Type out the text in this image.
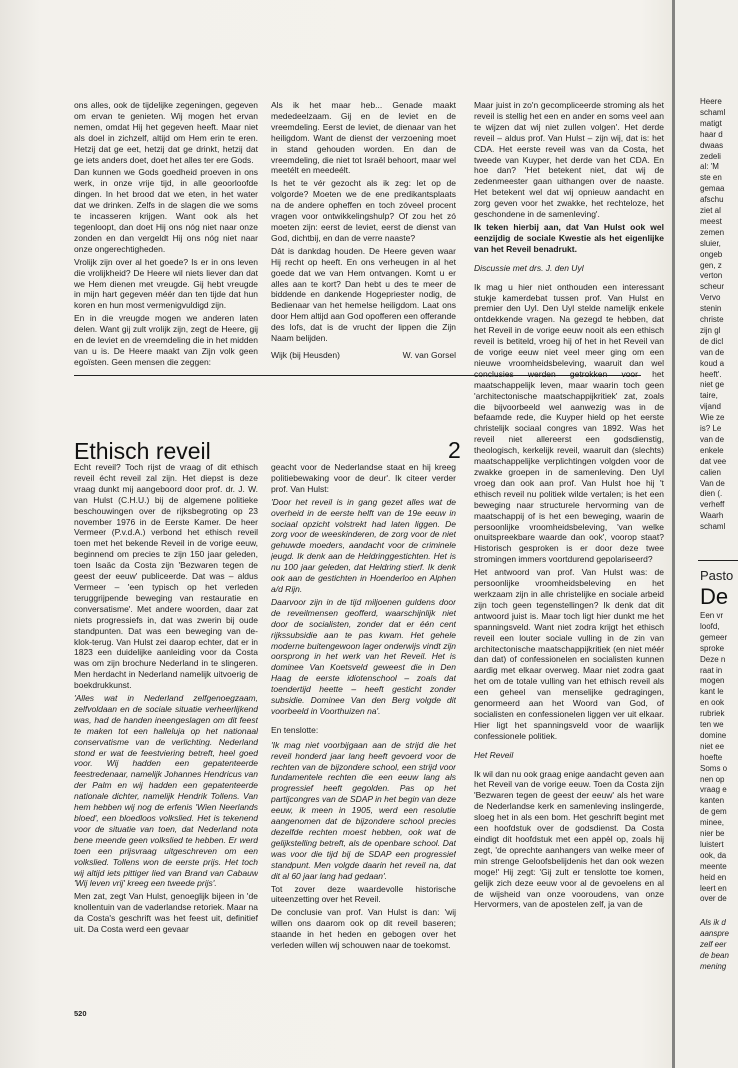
ons alles, ook de tijdelijke zegeningen, gegeven om ervan te genieten. Wij mogen het ervan nemen, omdat Hij het gegeven heeft. Maar niet als doel in zichzelf, altijd om Hem erin te eren. Hetzij dat ge eet, hetzij dat ge drinkt, hetzij dat ge iets anders doet, doet het alles ter ere Gods.

Dan kunnen we Gods goedheid proeven in ons werk, in onze vrije tijd, in alle geoorloofde dingen. In het brood dat we eten, in het water dat we drinken. Zelfs in de slagen die we soms te incasseren krijgen. Want ook als het tegenloopt, dan doet Hij ons nóg niet naar onze zonden en dan vergeldt Hij ons nóg niet naar onze ongerechtigheden.

Vrolijk zijn over al het goede? Is er in ons leven die vrolijkheid? De Heere wil niets liever dan dat we Hem dienen met vreugde. Gij hebt vreugde in mijn hart gegeven méér dan ten tijde dat hun koren en hun most vermenigvuldigd zijn.

En in die vreugde mogen we anderen laten delen. Want gij zult vrolijk zijn, zegt de Heere, gij en de leviet en de vreemdeling die in het midden van u is. De Heere maakt van Zijn volk geen egoïsten. Geen mensen die zeggen:

Als ik het maar heb... Genade maakt mededeelzaam. Gij en de leviet en de vreemdeling. Eerst de leviet, de dienaar van het heiligdom. Want de dienst der verzoening moet in stand gehouden worden. En dan de vreemdeling, die niet tot Israël behoort, maar wel meetélt en meedeélt.

Is het te vér gezocht als ik zeg: let op de volgorde? Moeten we de ene predikantsplaats na de andere opheffen en toch zóveel procent vragen voor ontwikkelingshulp? Of zou het zó moeten zijn: eerst de leviet, eerst de dienst van God, dichtbij, en dan de verre naaste?

Dát is dankdag houden. De Heere geven waar Hij recht op heeft. En ons verheugen in al het goede dat we van Hem ontvangen. Komt u er alles aan te kort? Dan hebt u des te meer de biddende en dankende Hogepriester nodig, de Bedienaar van het hemelse heiligdom. Laat ons door Hem altijd aan God opofferen een offerande des lofs, dat is de vrucht der lippen die Zijn Naam belijden.

Wijk (bij Heusden)	W. van Gorsel
Ethisch reveil	2

Echt reveil? Toch rijst de vraag of dit ethisch reveil écht reveil zal zijn. Het diepst is deze vraag dunkt mij aangeboord door prof. dr. J. W. van Hulst (C.H.U.) bij de algemene politieke beschouwingen over de rijksbegroting op 23 november 1976 in de Eerste Kamer. De heer Vermeer (P.v.d.A.) verbond het ethisch reveil toen met het bekende Reveil in de vorige eeuw, beginnend om precies te zijn 150 jaar geleden, toen Isaäc da Costa zijn 'Bezwaren tegen de geest der eeuw' publiceerde. Dat was – aldus Vermeer – 'een typisch op het verleden teruggrijpende beweging van restauratie en conversatisme'. Met andere woorden, daar zat niets progressiefs in, dat was zwerin bij oude standpunten. Dat was een beweging van de-klok-terug. Van Hulst zei daarop echter, dat er in 1823 een duidelijke aanleiding voor da Costa was om zijn brochure Nederland in te slingeren. Men herdacht in Nederland namelijk uitvoerig de boekdrukkunst.

'Alles wat in Nederland zelfgenoegzaam, zelfvoldaan en de sociale situatie verheerlijkend was, had de handen ineengeslagen om dit feest te maken tot een halleluja op het nationaal conservatisme van de verlichting. Nederland stond er wat de feestviering betreft, heel goed voor. Wij hadden een gepatenteerde feestredenaar, namelijk Johannes Hendricus van der Palm en wij hadden een gepatenteerde nationale dichter, namelijk Hendrik Tollens. Van hem hebben wij nog de erfenis 'Wien Neerlands bloed', een bloedloos volkslied. Het is tekenend voor de situatie van toen, dat Nederland nota bene meende geen volkslied te hebben. Er werd toen een prijsvraag uitgeschreven om een volkslied. Tollens won de eerste prijs. Het toch wij altijd iets pittiger lied van Brand van Cabauw 'Wij leven vrij' kreeg een tweede prijs'.

Men zat, zegt Van Hulst, genoeglijk bijeen in 'de knollentuin van de vaderlandse retoriek. Maar na da Costa's geschrift was het feest uit, definitief uit. Da Costa werd een gevaar

geacht voor de Nederlandse staat en hij kreeg politiebewaking voor de deur'. Ik citeer verder prof. Van Hulst:

'Door het reveil is in gang gezet alles wat de overheid in de eerste helft van de 19e eeuw in sociaal opzicht volstrekt had laten liggen. De zorg voor de weeskinderen, de zorg voor de niet gehuwde moeders, aandacht voor de criminele jeugd. Ik denk aan de Heldringgestichten. Het is nu 100 jaar geleden, dat Heldring stierf. Ik denk ook aan de gestichten in Hoenderloo en Alphen a/d Rijn.

Daarvoor zijn in de tijd miljoenen guldens door de reveilmensen geofferd, waarschijnlijk niet door de socialisten, zonder dat er één cent rijkssubsidie aan te pas kwam. Het gehele moderne buitengewoon lager onderwijs vindt zijn oorsprong in het werk van het Reveil. Het is dominee Van Koetsveld geweest die in Den Haag de eerste idiotenschool – zoals dat toendertijd heette – heeft gesticht zonder subsidie. Dominee Van den Berg volgde dit voorbeeld in Voorthuizen na'.

En tenslotte:

'Ik mag niet voorbijgaan aan de strijd die het reveil honderd jaar lang heeft gevoerd voor de rechten van de bijzondere school, een strijd voor fundamentele rechten die een eeuw lang als progressief heeft gegolden. Pas op het partijcongres van de SDAP in het begin van deze eeuw, ik meen in 1905, werd een resolutie aangenomen dat de bijzondere school precies dezelfde rechten moest hebben, ook wat de gelijkstelling betreft, als de openbare school. Dat was voor die tijd bij de SDAP een progressief standpunt. Men volgde daarin het reveil na, dat dit al 60 jaar lang had gedaan'.

Tot zover deze waardevolle historische uiteenzetting over het Reveil.

De conclusie van prof. Van Hulst is dan: 'wij willen ons daarom ook op dit reveil baseren; staande in het heden en gebogen over het verleden willen wij schouwen naar de toekomst.

Maar juist in zo'n gecompliceerde stroming als het reveil is stellig het een en ander en soms veel aan te wijzen dat wij niet zullen volgen'. Het derde reveil – aldus prof. Van Hulst – zijn wij, dat is: het CDA. Het eerste reveil was van da Costa, het tweede van Kuyper, het derde van het CDA. En hoe dan? 'Het betekent niet, dat wij de zedenmeester gaan uithangen over de naaste. Het betekent wel dat wij opnieuw aandacht en zorg geven voor het zwakke, het rechteloze, het geschondene in de samenleving'.

Ik teken hierbij aan, dat Van Hulst ook wel eenzijdig de sociale Kwestie als het eigenlijke van het Reveil benadrukt.

Discussie met drs. J. den Uyl

Ik mag u hier niet onthouden een interessant stukje kamerdebat tussen prof. Van Hulst en premier den Uyl. Den Uyl stelde namelijk enkele ontdekkende vragen. Na gezegd te hebben, dat het Reveil in de vorige eeuw nooit als een ethisch reveil is betiteld, vroeg hij of het in het Reveil van de vorige eeuw niet veel meer ging om een nieuwe vroomheidsbeleving, waaruit dan wel conclusies werden getrokken voor het maatschappelijk leven, maar waarin toch geen 'architectonische maatschappijkritiek' zat, zoals die bijvoorbeeld wel aanwezig was in de befaamde rede, die Kuyper hield op het eerste christelijk sociaal congres van 1892. Was het reveil niet allereerst een godsdienstig, theologisch, kerkelijk reveil, waaruit dan (slechts) maatschappelijke verplichtingen volgden voor de zwakke groepen in de samenleving. Den Uyl vroeg dan ook aan prof. Van Hulst hoe hij 't ethisch reveil nu politiek wilde vertalen; is het een beweging naar structurele hervorming van de maatschappij of is het een beweging, waarin de persoonlijke vroomheidsbeleving, 'van welke onuitspreekbare waarde dan ook', voorop staat? Historisch gesproken is er door deze twee stromingen immers voortdurend gepolariseerd?

Het antwoord van prof. Van Hulst was: de persoonlijke vroomheidsbeleving en het werkzaam zijn in alle christelijke en sociale arbeid zijn toch geen tegenstellingen? Ik denk dat dit antwoord juist is. Maar toch ligt hier dunkt me het spanningsveld. Want niet zodra krijgt het ethisch reveil een louter sociale vulling in de zin van architectonische maatschappijkritiek (en niet méér dan dat) of confessionelen en socialisten kunnen aardig met elkaar overweg. Maar niet zodra gaat het om de totale vulling van het ethisch reveil als een geheel van menselijke gedragingen, genormeerd aan het Woord van God, of socialisten en confessionelen liggen ver uit elkaar. Hier ligt het spanningsveld voor de waarlijk confessionele politiek.

Het Reveil

Ik wil dan nu ook graag enige aandacht geven aan het Reveil van de vorige eeuw. Toen da Costa zijn 'Bezwaren tegen de geest der eeuw' als het ware de Nederlandse kerk en samenleving inslingerde, sloeg het in als een bom. Het geschrift begint met een hoofdstuk over de godsdienst. Da Costa eindigt dit hoofdstuk met een appèl op, zoals hij zegt, 'de oprechte aanhangers van welke meer of min strenge Geloofsbelijdenis het dan ook wezen moge!' Hij zegt: 'Gij zult er tenslotte toe komen, gelijk zich deze eeuw voor al de gevoelens en al de wijsheid van onze vooroudens, van onze Hervormers, van de apostelen zelf, ja van de

520
Pasto
De
Heere
schaml
matigt
haar d
dwaas
zedeli
al: 'M
ste en
gemaa
afschu
ziet al
meest
zemen
sluier,
ongeb
gen, z
verton
scheur
Vervo
stenin
christe
zijn gl
de dicl
van de
koud a
heeft'.
niet ge
taire,
vijand
Wie ze
is? Le
van de
enkele
dat vee
calien
Van de
dien (.
verheff
Waarh
schaml
Een vr
loofd,
gemeer
sproke
Deze n
raat in
mogen
kant le
en ook
rubriek
ten we
domine
niet ee
hoefte
Soms o
nen op
vraag e
kanten
de gem
minee,
nier be
luistert
ook, da
meente
heid en
leert en
over de
Als ik d
aanspre
zelf eer
de bean
mening
